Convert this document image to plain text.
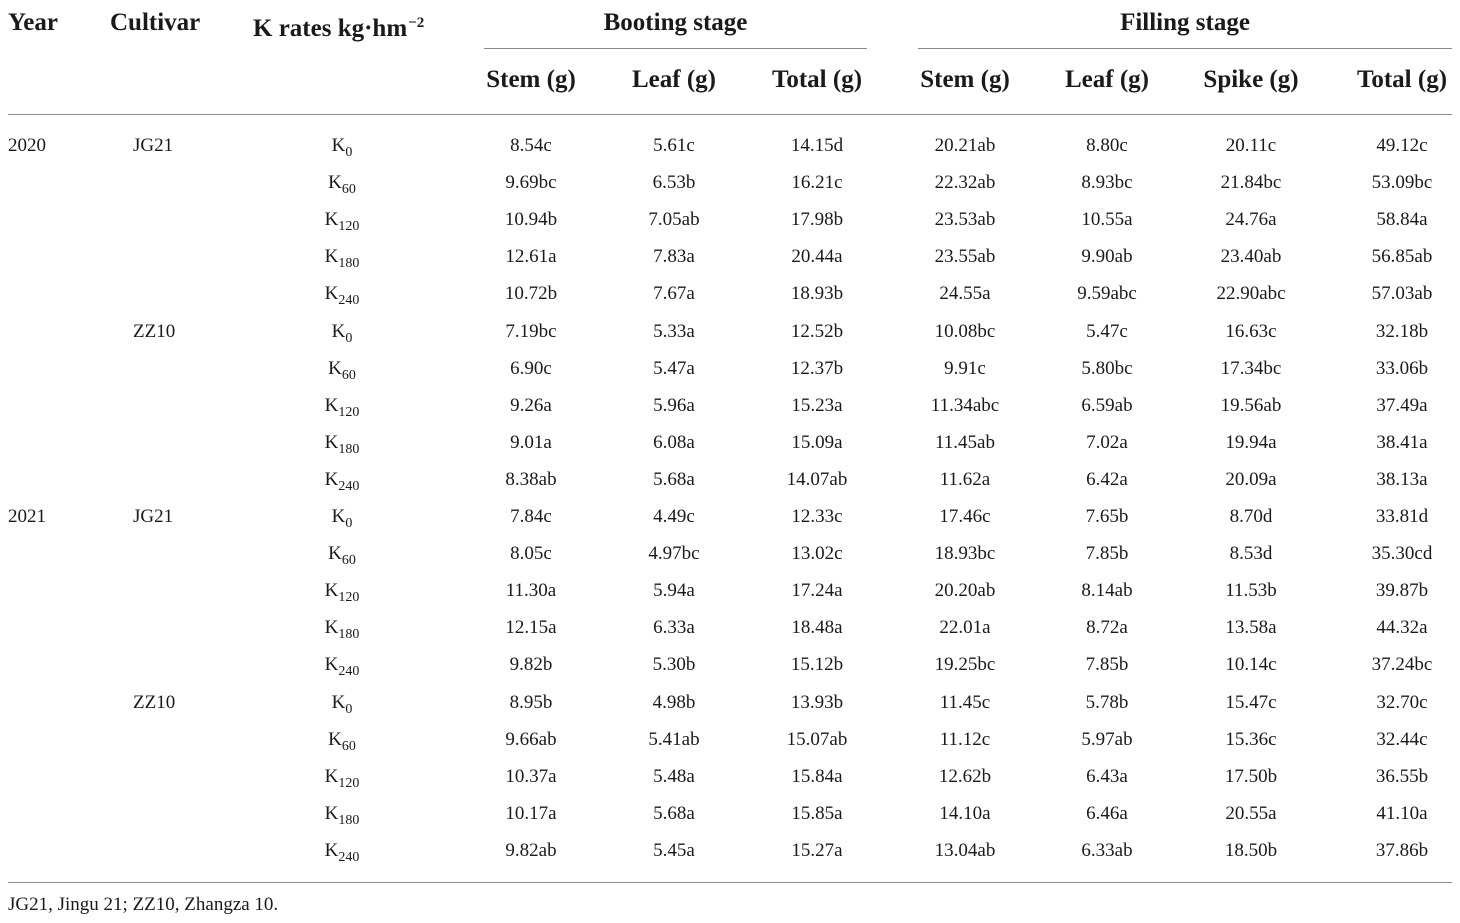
Year Cultivar K rates $kg\cdot hm^{-2}$	Booting stage	Filling stage
Stem (g)	Leaf (g)	Total (g)	Stem (g)	Leaf (g)	Spike (g)	Total (g)
2020	JG21	$K_0$	8.54c	5.61c	14.15d	20.21ab	8.80c	20.11c	49.12c
$K_{60}$	9.69bc	6.53b	16.21c	22.32ab	8.93bc	21.84bc	53.09bc
$K_{120}$	10.94b	7.05ab	17.98b	23.53ab	10.55a	24.76a	58.84a
$K_{180}$	12.61a	7.83a	20.44a	23.55ab	9.90ab	23.40ab	56.85ab
$K_{240}$	10.72b	7.67a	18.93b	24.55a	9.59abc	22.90abc	57.03ab
ZZ10	$K_0$	7.19bc	5.33a	12.52b	10.08bc	5.47c	16.63c	32.18b
$K_{60}$	6.90c	5.47a	12.37b	9.91c	5.80bc	17.34bc	33.06b
$K_{120}$	9.26a	5.96a	15.23a	11.34abc	6.59ab	19.56ab	37.49a
$K_{180}$	9.01a	6.08a	15.09a	11.45ab	7.02a	19.94a	38.41a
$K_{240}$	8.38ab	5.68a	14.07ab	11.62a	6.42a	20.09a	38.13a
2021	JG21	$K_0$	7.84c	4.49c	12.33c	17.46c	7.65b	8.70d	33.81d
$K_{60}$	8.05c	4.97bc	13.02c	18.93bc	7.85b	8.53d	35.30cd
$K_{120}$	11.30a	5.94a	17.24a	20.20ab	8.14ab	11.53b	39.87b
$K_{180}$	12.15a	6.33a	18.48a	22.01a	8.72a	13.58a	44.32a
$K_{240}$	9.82b	5.30b	15.12b	19.25bc	7.85b	10.14c	37.24bc
ZZ10	$K_0$	8.95b	4.98b	13.93b	11.45c	5.78b	15.47c	32.70c
$K_{60}$	9.66ab	5.41ab	15.07ab	11.12c	5.97ab	15.36c	32.44c
$K_{120}$	10.37a	5.48a	15.84a	12.62b	6.43a	17.50b	36.55b
$K_{180}$	10.17a	5.68a	15.85a	14.10a	6.46a	20.55a	41.10a
$K_{240}$	9.82ab	5.45a	15.27a	13.04ab	6.33ab	18.50b	37.86b
JG21, Jingu 21; ZZ10, Zhangza 10.
